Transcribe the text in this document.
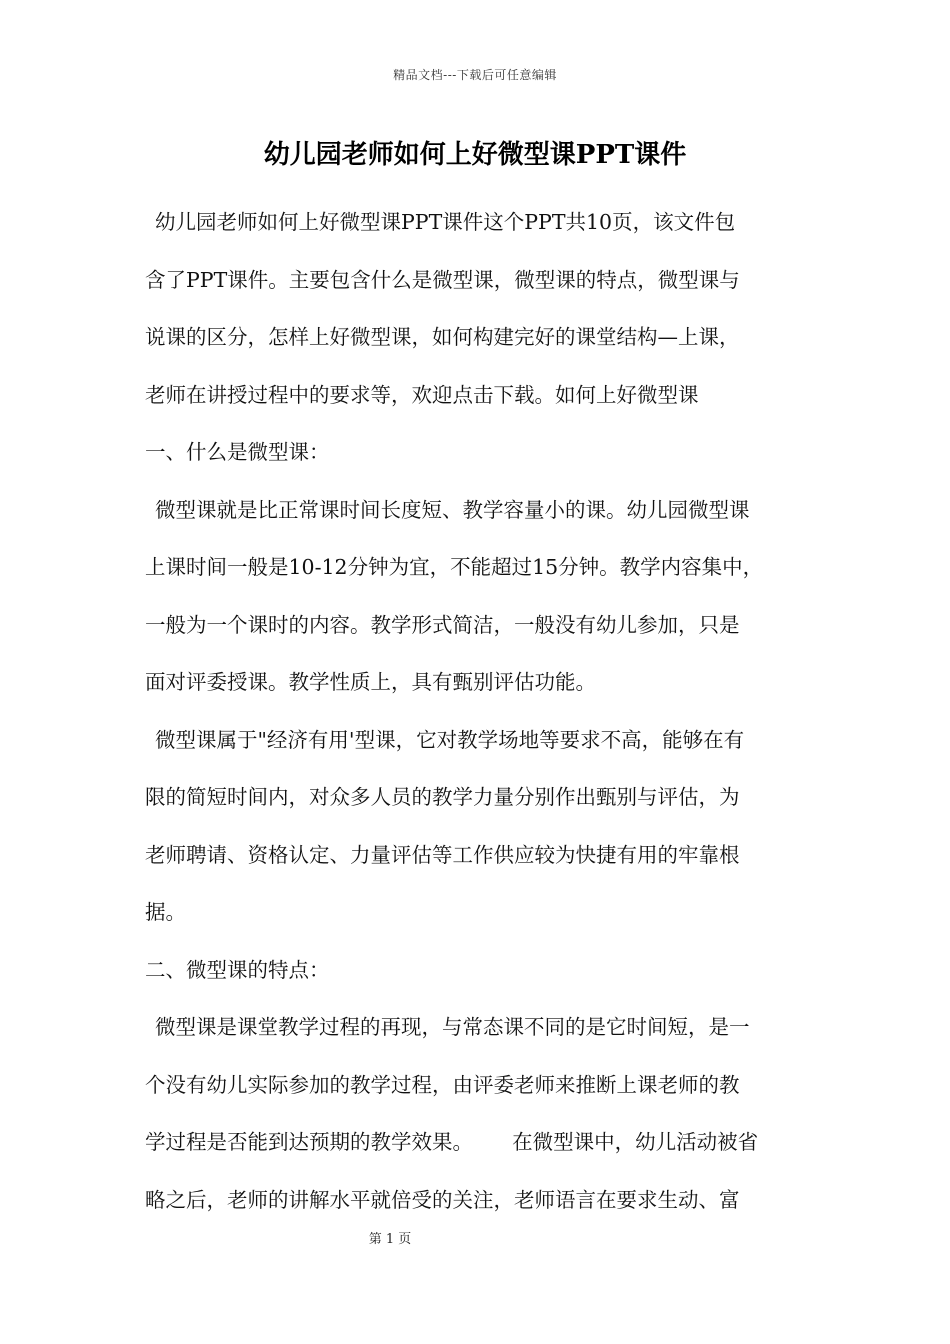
精品文档---下载后可任意编辑
幼儿园老师如何上好微型课PPT课件
幼儿园老师如何上好微型课PPT课件这个PPT共10页，该文件包
含了PPT课件。主要包含什么是微型课，微型课的特点，微型课与
说课的区分，怎样上好微型课，如何构建完好的课堂结构—上课，
老师在讲授过程中的要求等，欢迎点击下载。如何上好微型课
一、什么是微型课：
微型课就是比正常课时间长度短、教学容量小的课。幼儿园微型课
上课时间一般是10-12分钟为宜，不能超过15分钟。教学内容集中，
一般为一个课时的内容。教学形式简洁，一般没有幼儿参加，只是
面对评委授课。教学性质上，具有甄别评估功能。
微型课属于"经济有用'型课，它对教学场地等要求不高，能够在有
限的简短时间内，对众多人员的教学力量分别作出甄别与评估，为
老师聘请、资格认定、力量评估等工作供应较为快捷有用的牢靠根
据。
二、微型课的特点：
微型课是课堂教学过程的再现，与常态课不同的是它时间短，是一
个没有幼儿实际参加的教学过程，由评委老师来推断上课老师的教
学过程是否能到达预期的教学效果。      在微型课中，幼儿活动被省
略之后，老师的讲解水平就倍受的关注，老师语言在要求生动、富
第 1 页
